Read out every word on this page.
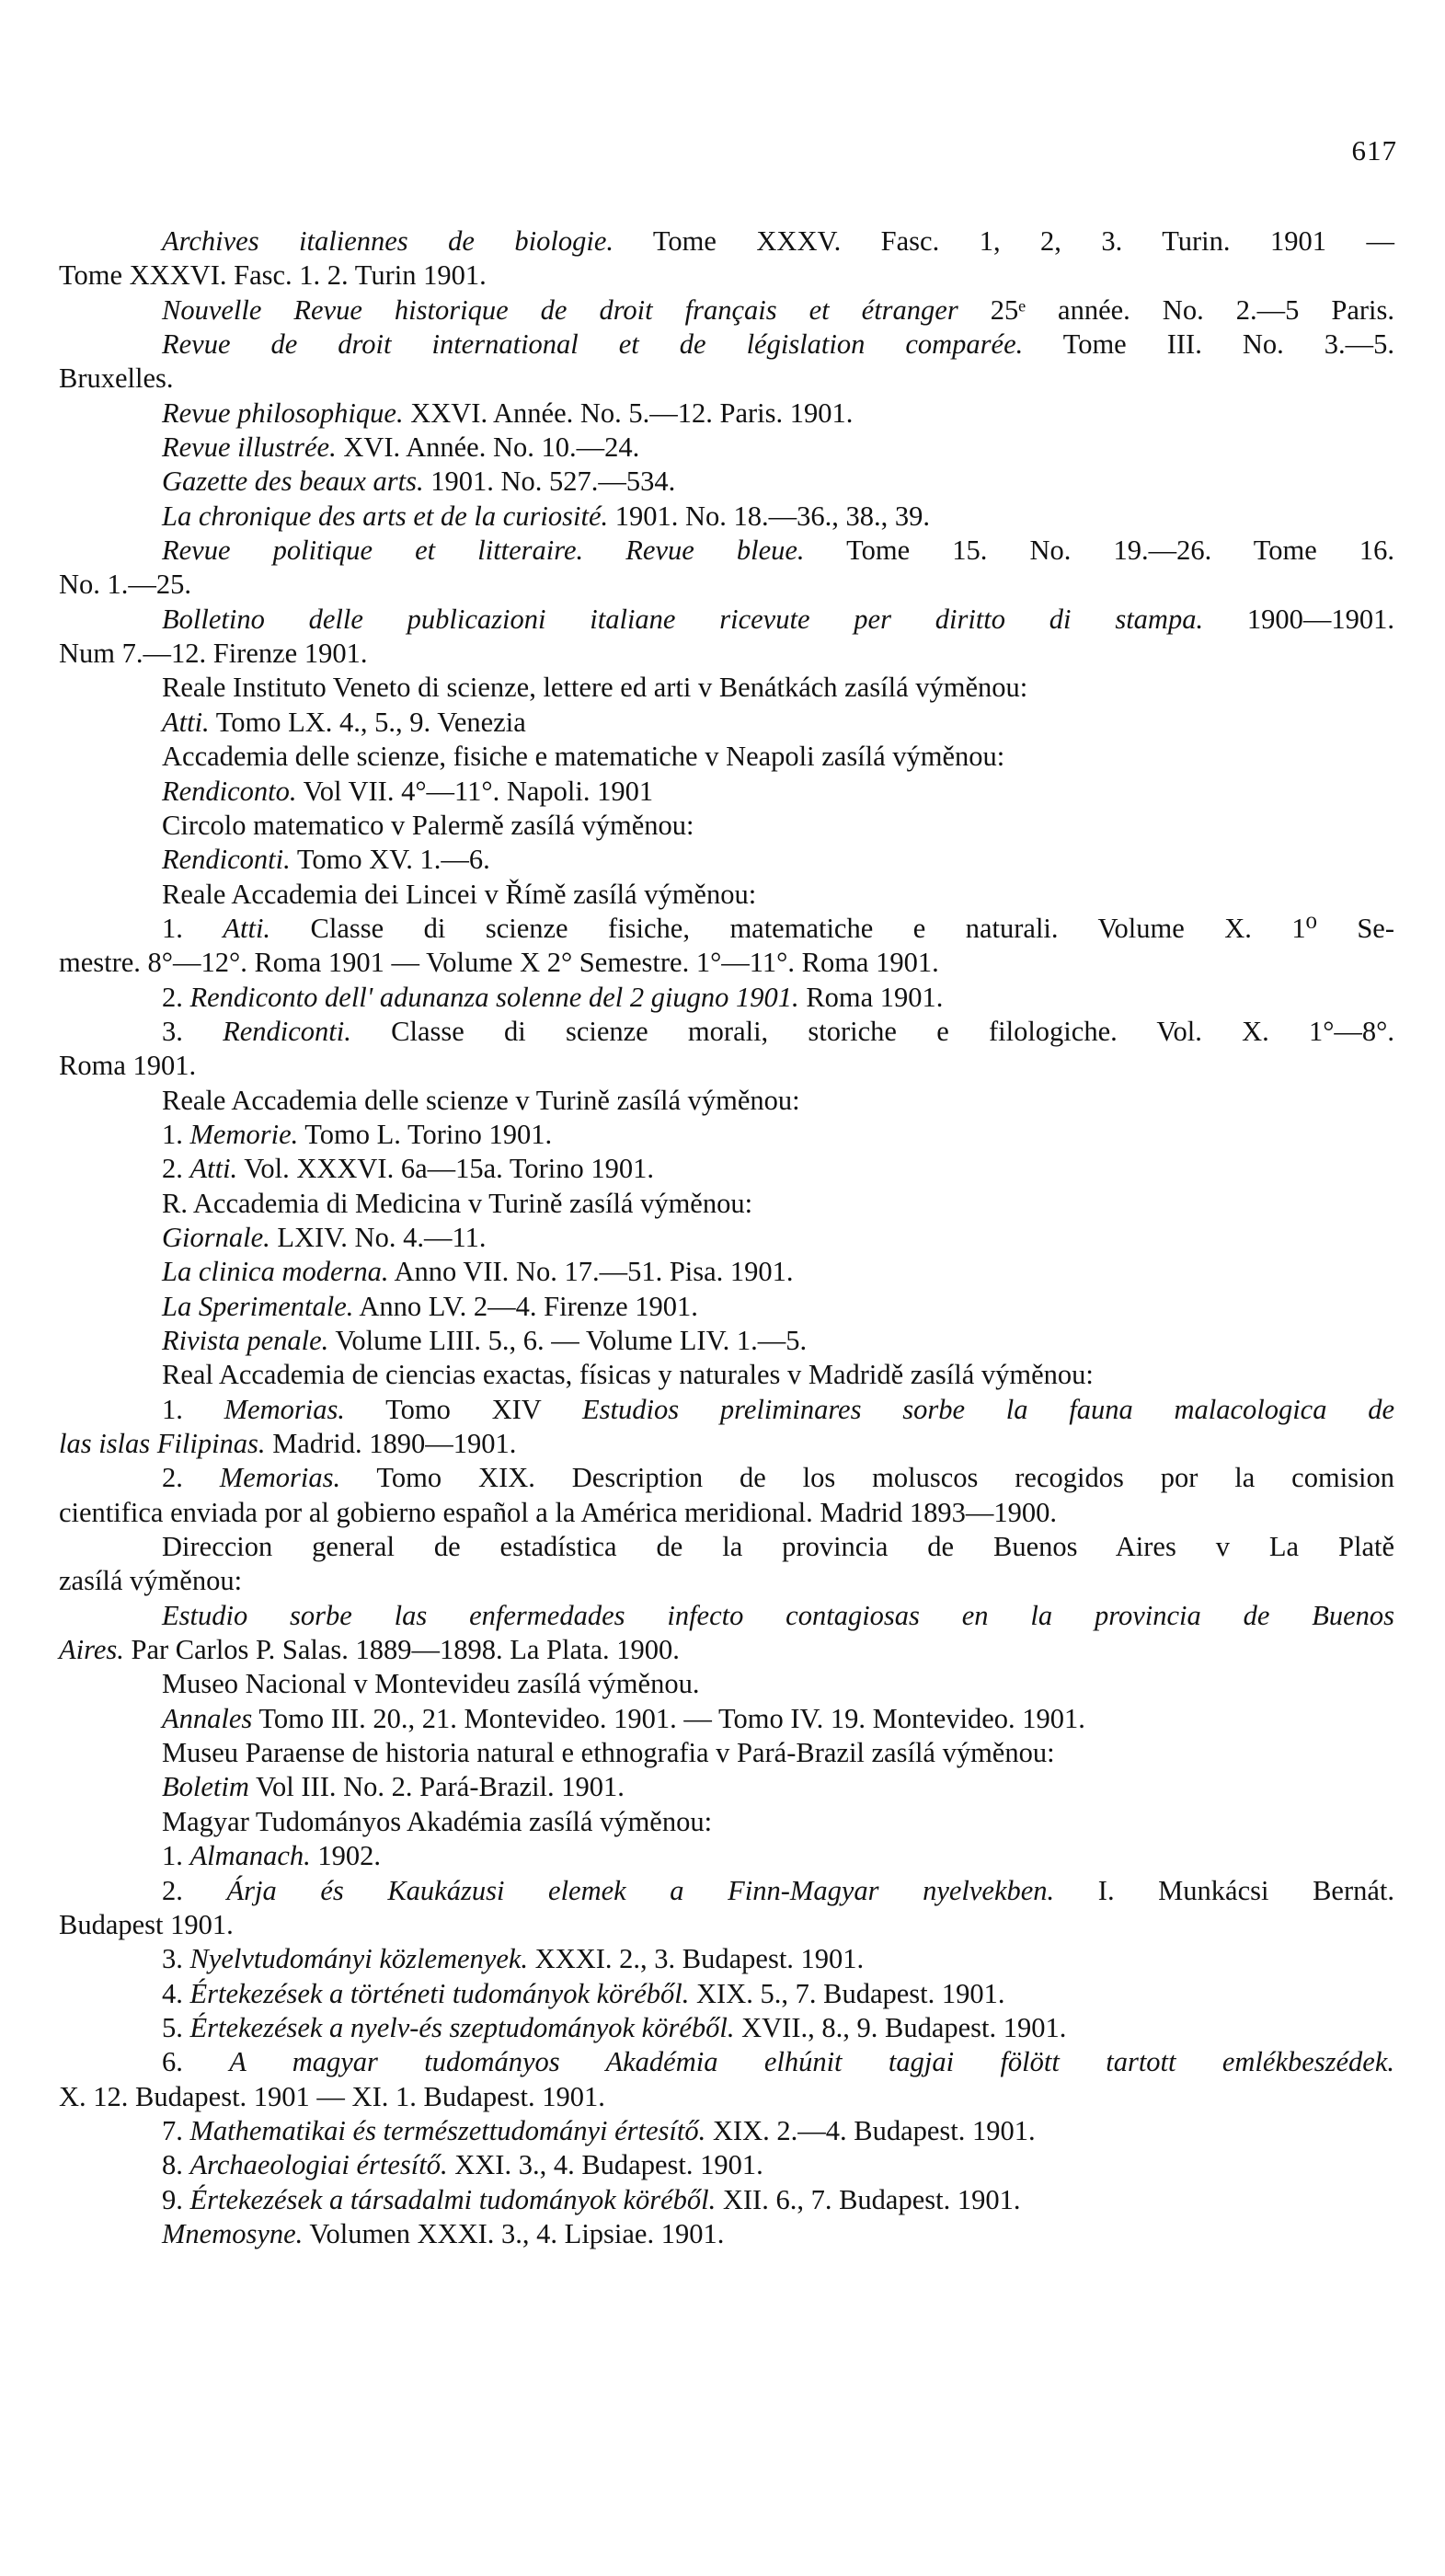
617
Archives italiennes de biologie. Tome XXXV. Fasc. 1, 2, 3. Turin. 1901 —
Tome XXXVI. Fasc. 1. 2. Turin 1901.
Nouvelle Revue historique de droit français et étranger 25ᵉ année. No. 2.—5 Paris.
Revue de droit international et de législation comparée. Tome III. No. 3.—5.
Bruxelles.
Revue philosophique. XXVI. Année. No. 5.—12. Paris. 1901.
Revue illustrée. XVI. Année. No. 10.—24.
Gazette des beaux arts. 1901. No. 527.—534.
La chronique des arts et de la curiosité. 1901. No. 18.—36., 38., 39.
Revue politique et litteraire. Revue bleue. Tome 15. No. 19.—26. Tome 16.
No. 1.—25.
Bolletino delle publicazioni italiane ricevute per diritto di stampa. 1900—1901.
Num 7.—12. Firenze 1901.
Reale Instituto Veneto di scienze, lettere ed arti v Benátkách zasílá výměnou:
Atti. Tomo LX. 4., 5., 9. Venezia
Accademia delle scienze, fisiche e matematiche v Neapoli zasílá výměnou:
Rendiconto. Vol VII. 4°—11°. Napoli. 1901
Circolo matematico v Palermě zasílá výměnou:
Rendiconti. Tomo XV. 1.—6.
Reale Accademia dei Lincei v Římě zasílá výměnou:
1. Atti. Classe di scienze fisiche, matematiche e naturali. Volume X. 1⁰ Se-
mestre. 8°—12°. Roma 1901 — Volume X 2° Semestre. 1°—11°. Roma 1901.
2. Rendiconto dell' adunanza solenne del 2 giugno 1901. Roma 1901.
3. Rendiconti. Classe di scienze morali, storiche e filologiche. Vol. X. 1°—8°.
Roma 1901.
Reale Accademia delle scienze v Turině zasílá výměnou:
1. Memorie. Tomo L. Torino 1901.
2. Atti. Vol. XXXVI. 6a—15a. Torino 1901.
R. Accademia di Medicina v Turině zasílá výměnou:
Giornale. LXIV. No. 4.—11.
La clinica moderna. Anno VII. No. 17.—51. Pisa. 1901.
La Sperimentale. Anno LV. 2—4. Firenze 1901.
Rivista penale. Volume LIII. 5., 6. — Volume LIV. 1.—5.
Real Accademia de ciencias exactas, físicas y naturales v Madridě zasílá výměnou:
1. Memorias. Tomo XIV Estudios preliminares sorbe la fauna malacologica de
las islas Filipinas. Madrid. 1890—1901.
2. Memorias. Tomo XIX. Description de los moluscos recogidos por la comision
cientifica enviada por al gobierno español a la América meridional. Madrid 1893—1900.
Direccion general de estadística de la provincia de Buenos Aires v La Platě
zasílá výměnou:
Estudio sorbe las enfermedades infecto contagiosas en la provincia de Buenos
Aires. Par Carlos P. Salas. 1889—1898. La Plata. 1900.
Museo Nacional v Montevideu zasílá výměnou.
Annales Tomo III. 20., 21. Montevideo. 1901. — Tomo IV. 19. Montevideo. 1901.
Museu Paraense de historia natural e ethnografia v Pará-Brazil zasílá výměnou:
Boletim Vol III. No. 2. Pará-Brazil. 1901.
Magyar Tudományos Akadémia zasílá výměnou:
1. Almanach. 1902.
2. Árja és Kaukázusi elemek a Finn-Magyar nyelvekben. I. Munkácsi Bernát.
Budapest 1901.
3. Nyelvtudományi közlemenyek. XXXI. 2., 3. Budapest. 1901.
4. Értekezések a történeti tudományok köréből. XIX. 5., 7. Budapest. 1901.
5. Értekezések a nyelv-és szeptudományok köréből. XVII., 8., 9. Budapest. 1901.
6. A magyar tudományos Akadémia elhúnit tagjai fölött tartott emlékbeszédek.
X. 12. Budapest. 1901 — XI. 1. Budapest. 1901.
7. Mathematikai és természettudományi értesítő. XIX. 2.—4. Budapest. 1901.
8. Archaeologiai értesítő. XXI. 3., 4. Budapest. 1901.
9. Értekezések a társadalmi tudományok köréből. XII. 6., 7. Budapest. 1901.
Mnemosyne. Volumen XXXI. 3., 4. Lipsiae. 1901.
